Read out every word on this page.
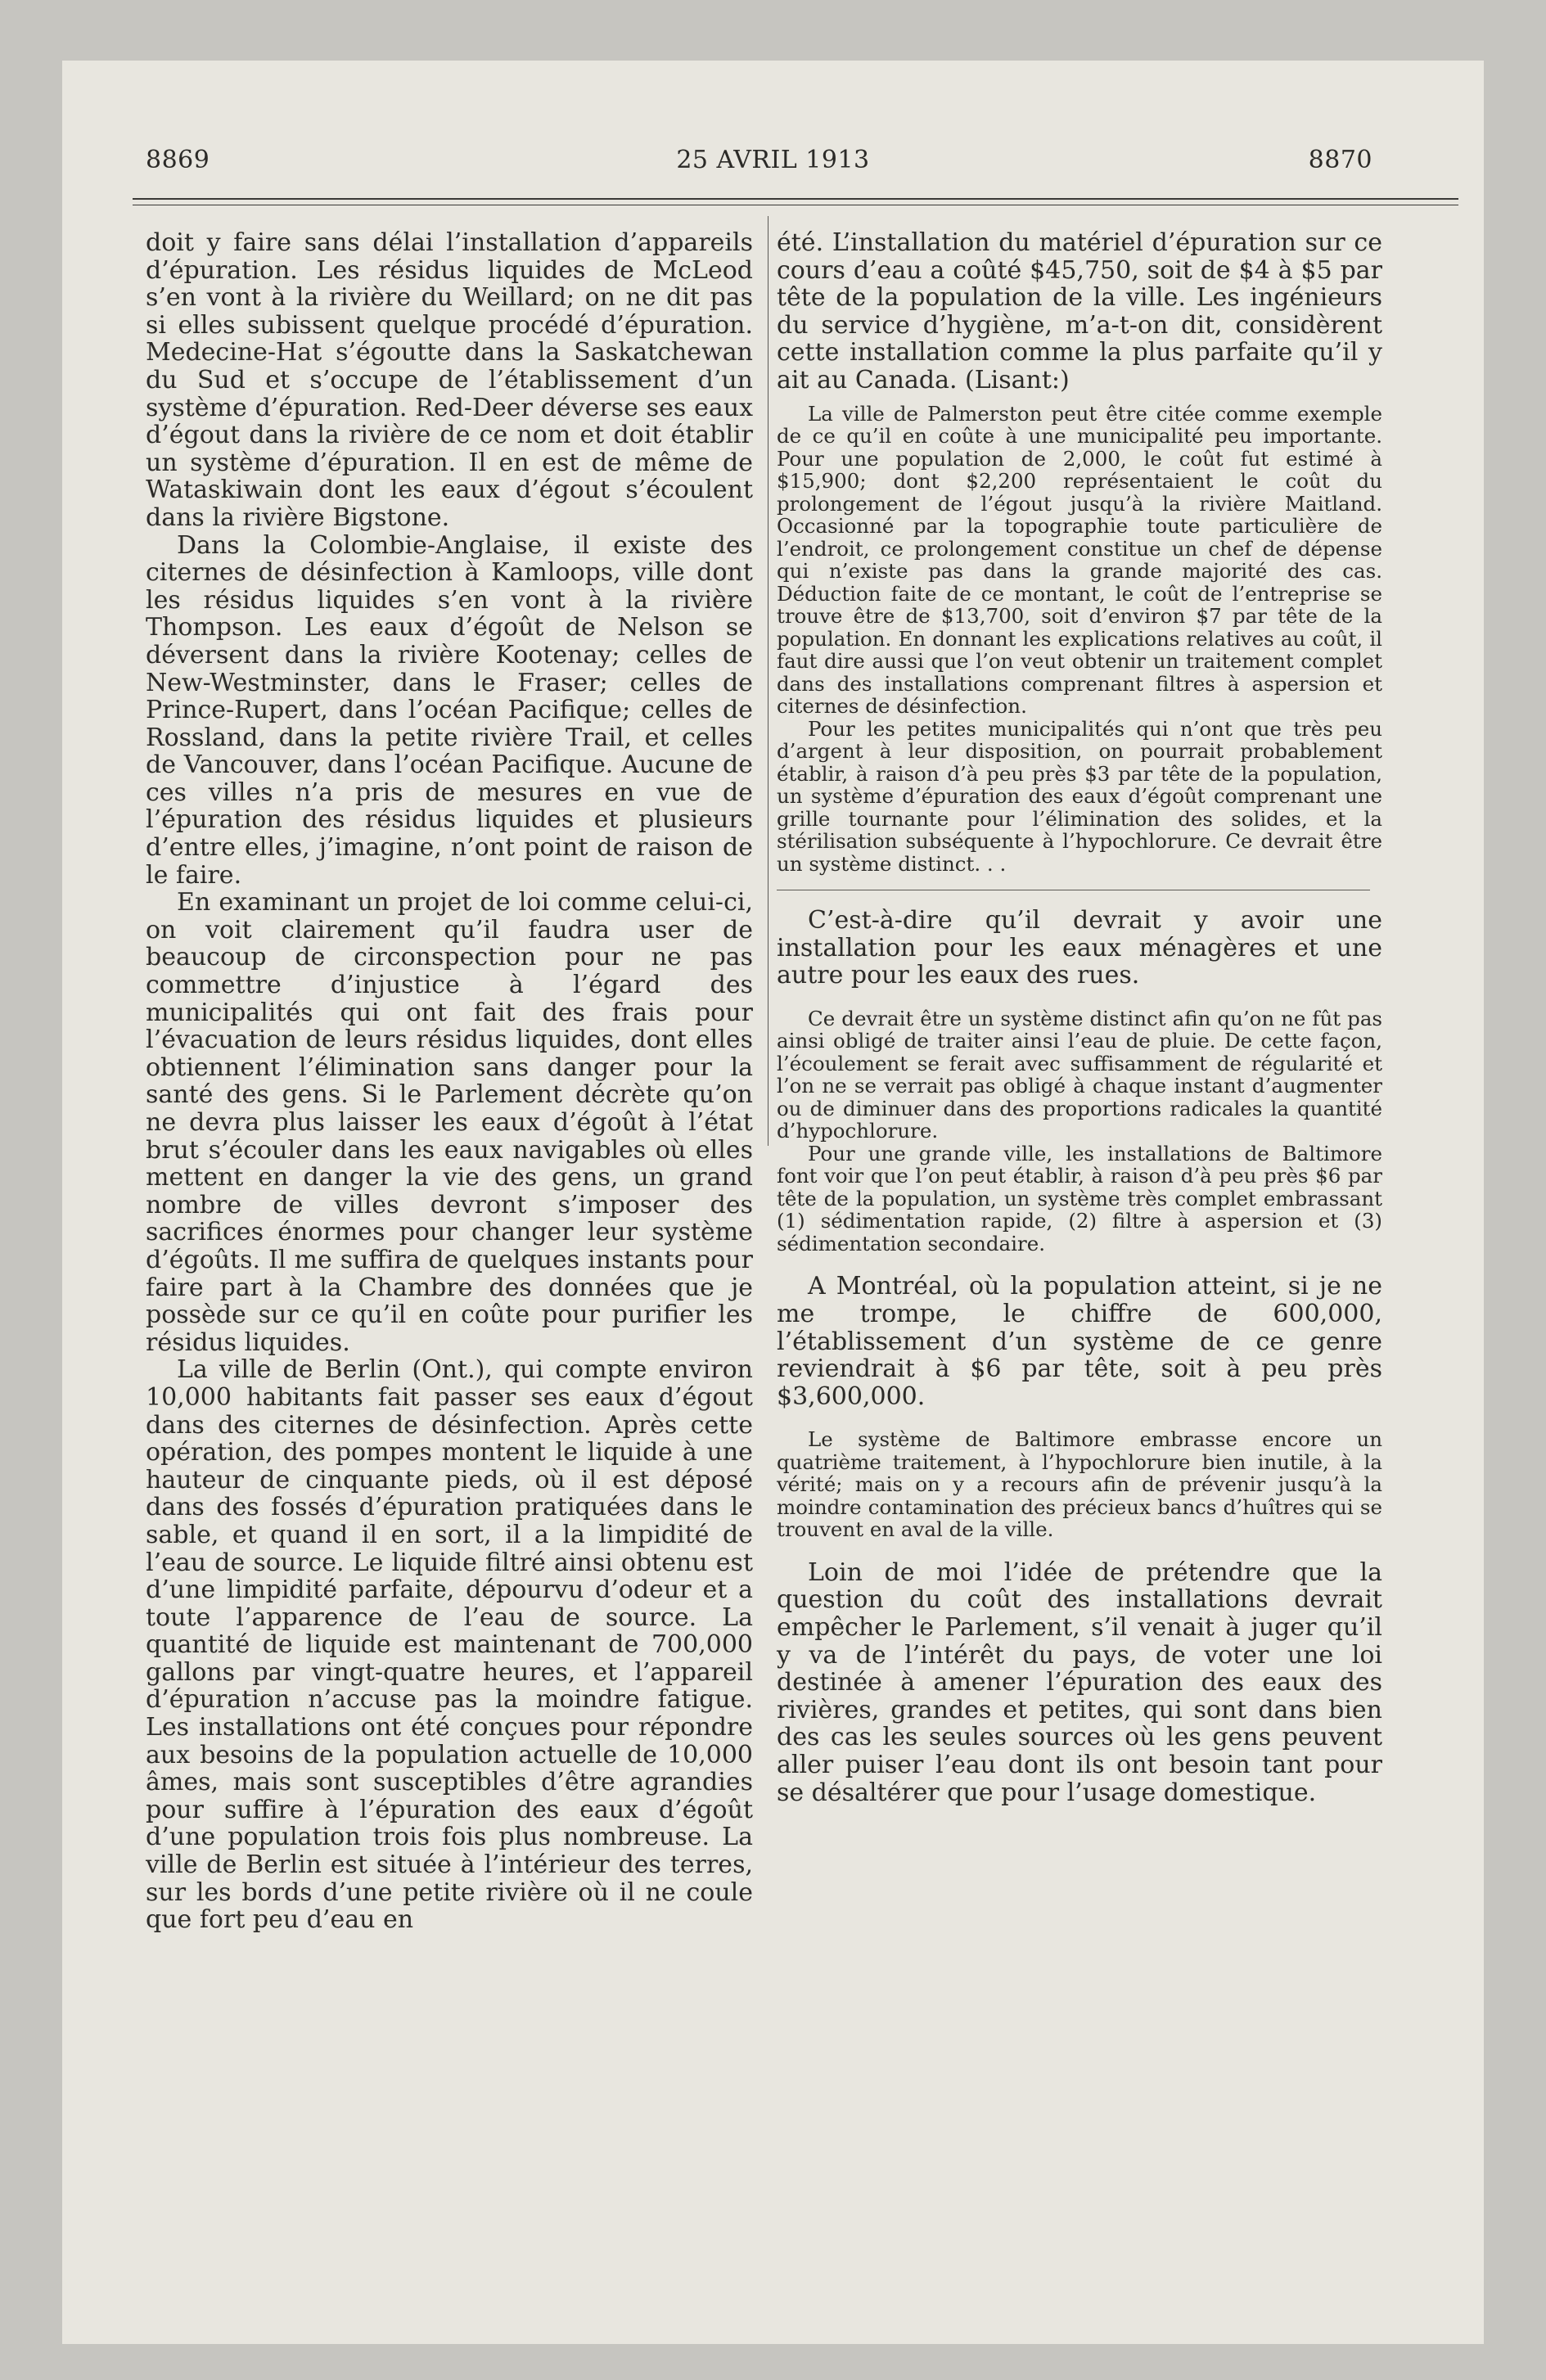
8869	25 AVRIL 1913	8870

doit y faire sans délai l’installation d’appareils d’épuration. Les résidus liquides de McLeod s’en vont à la rivière du Weillard; on ne dit pas si elles subissent quelque procédé d’épuration. Medecine-Hat s’égoutte dans la Saskatchewan du Sud et s’occupe de l’établissement d’un système d’épuration. Red-Deer déverse ses eaux d’égout dans la rivière de ce nom et doit établir un système d’épuration. Il en est de même de Wataskiwain dont les eaux d’égout s’écoulent dans la rivière Bigstone.

Dans la Colombie-Anglaise, il existe des citernes de désinfection à Kamloops, ville dont les résidus liquides s’en vont à la rivière Thompson. Les eaux d’égoût de Nelson se déversent dans la rivière Kootenay; celles de New-Westminster, dans le Fraser; celles de Prince-Rupert, dans l’océan Pacifique; celles de Rossland, dans la petite rivière Trail, et celles de Vancouver, dans l’océan Pacifique. Aucune de ces villes n’a pris de mesures en vue de l’épuration des résidus liquides et plusieurs d’entre elles, j’imagine, n’ont point de raison de le faire.

En examinant un projet de loi comme celui-ci, on voit clairement qu’il faudra user de beaucoup de circonspection pour ne pas commettre d’injustice à l’égard des municipalités qui ont fait des frais pour l’évacuation de leurs résidus liquides, dont elles obtiennent l’élimination sans danger pour la santé des gens. Si le Parlement décrète qu’on ne devra plus laisser les eaux d’égoût à l’état brut s’écouler dans les eaux navigables où elles mettent en danger la vie des gens, un grand nombre de villes devront s’imposer des sacrifices énormes pour changer leur système d’égoûts. Il me suffira de quelques instants pour faire part à la Chambre des données que je possède sur ce qu’il en coûte pour purifier les résidus liquides.

La ville de Berlin (Ont.), qui compte environ 10,000 habitants fait passer ses eaux d’égout dans des citernes de désinfection. Après cette opération, des pompes montent le liquide à une hauteur de cinquante pieds, où il est déposé dans des fossés d’épuration pratiquées dans le sable, et quand il en sort, il a la limpidité de l’eau de source. Le liquide filtré ainsi obtenu est d’une limpidité parfaite, dépourvu d’odeur et a toute l’apparence de l’eau de source. La quantité de liquide est maintenant de 700,000 gallons par vingt-quatre heures, et l’appareil d’épuration n’accuse pas la moindre fatigue. Les installations ont été conçues pour répondre aux besoins de la population actuelle de 10,000 âmes, mais sont susceptibles d’être agrandies pour suffire à l’épuration des eaux d’égoût d’une population trois fois plus nombreuse. La ville de Berlin est située à l’intérieur des terres, sur les bords d’une petite rivière où il ne coule que fort peu d’eau en

été. L’installation du matériel d’épuration sur ce cours d’eau a coûté $45,750, soit de $4 à $5 par tête de la population de la ville. Les ingénieurs du service d’hygiène, m’a-t-on dit, considèrent cette installation comme la plus parfaite qu’il y ait au Canada. (Lisant:)

La ville de Palmerston peut être citée comme exemple de ce qu’il en coûte à une municipalité peu importante. Pour une population de 2,000, le coût fut estimé à $15,900; dont $2,200 représentaient le coût du prolongement de l’égout jusqu’à la rivière Maitland. Occasionné par la topographie toute particulière de l’endroit, ce prolongement constitue un chef de dépense qui n’existe pas dans la grande majorité des cas. Déduction faite de ce montant, le coût de l’entreprise se trouve être de $13,700, soit d’environ $7 par tête de la population. En donnant les explications relatives au coût, il faut dire aussi que l’on veut obtenir un traitement complet dans des installations comprenant filtres à aspersion et citernes de désinfection.

Pour les petites municipalités qui n’ont que très peu d’argent à leur disposition, on pourrait probablement établir, à raison d’à peu près $3 par tête de la population, un système d’épuration des eaux d’égoût comprenant une grille tournante pour l’élimination des solides, et la stérilisation subséquente à l’hypochlorure. Ce devrait être un système distinct. . .

C’est-à-dire qu’il devrait y avoir une installation pour les eaux ménagères et une autre pour les eaux des rues.

Ce devrait être un système distinct afin qu’on ne fût pas ainsi obligé de traiter ainsi l’eau de pluie. De cette façon, l’écoulement se ferait avec suffisamment de régularité et l’on ne se verrait pas obligé à chaque instant d’augmenter ou de diminuer dans des proportions radicales la quantité d’hypochlorure.

Pour une grande ville, les installations de Baltimore font voir que l’on peut établir, à raison d’à peu près $6 par tête de la population, un système très complet embrassant (1) sédimentation rapide, (2) filtre à aspersion et (3) sédimentation secondaire.

A Montréal, où la population atteint, si je ne me trompe, le chiffre de 600,000, l’établissement d’un système de ce genre reviendrait à $6 par tête, soit à peu près $3,600,000.

Le système de Baltimore embrasse encore un quatrième traitement, à l’hypochlorure bien inutile, à la vérité; mais on y a recours afin de prévenir jusqu’à la moindre contamination des précieux bancs d’huîtres qui se trouvent en aval de la ville.

Loin de moi l’idée de prétendre que la question du coût des installations devrait empêcher le Parlement, s’il venait à juger qu’il y va de l’intérêt du pays, de voter une loi destinée à amener l’épuration des eaux des rivières, grandes et petites, qui sont dans bien des cas les seules sources où les gens peuvent aller puiser l’eau dont ils ont besoin tant pour se désaltérer que pour l’usage domestique.
